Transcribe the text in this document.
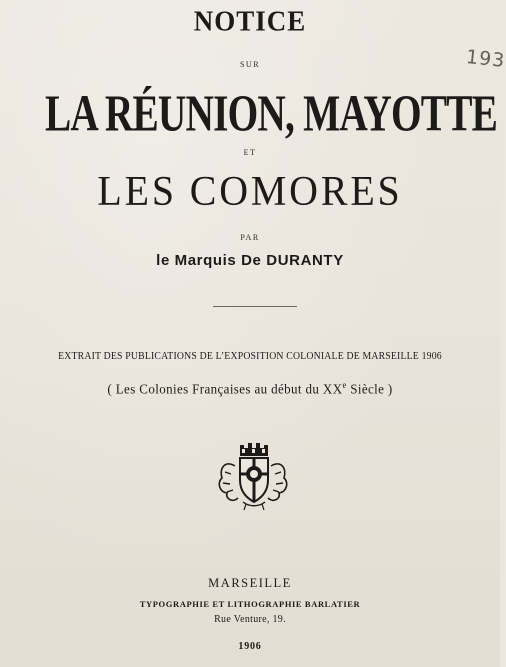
NOTICE
SUR
LA RÉUNION, MAYOTTE
ET
LES COMORES
PAR
le Marquis De DURANTY
EXTRAIT DES PUBLICATIONS DE L’EXPOSITION COLONIALE DE MARSEILLE 1906
( Les Colonies Françaises au début du XXe Siècle )
MARSEILLE
TYPOGRAPHIE ET LITHOGRAPHIE BARLATIER
Rue Venture, 19.
1906
193
